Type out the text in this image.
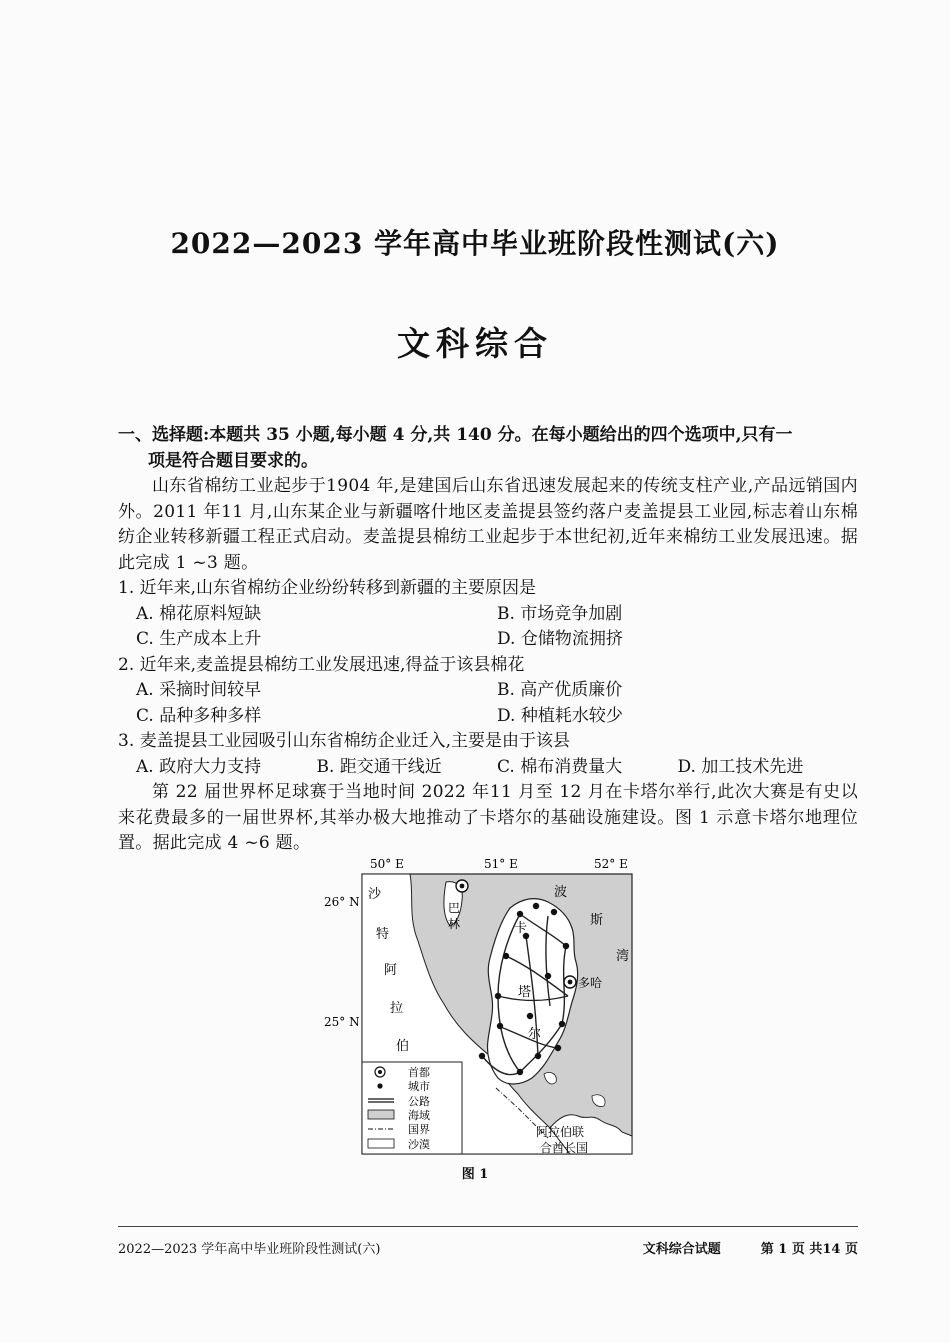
2022—2023 学年高中毕业班阶段性测试(六)
文科综合
一、选择题:本题共 35 小题,每小题 4 分,共 140 分。在每小题给出的四个选项中,只有一
项是符合题目要求的。
山东省棉纺工业起步于1904 年,是建国后山东省迅速发展起来的传统支柱产业,产品远销国内外。2011 年11 月,山东某企业与新疆喀什地区麦盖提县签约落户麦盖提县工业园,标志着山东棉纺企业转移新疆工程正式启动。麦盖提县棉纺工业起步于本世纪初,近年来棉纺工业发展迅速。据此完成 1 ~3 题。
1. 近年来,山东省棉纺企业纷纷转移到新疆的主要原因是
A. 棉花原料短缺	B. 市场竞争加剧
C. 生产成本上升	D. 仓储物流拥挤
2. 近年来,麦盖提县棉纺工业发展迅速,得益于该县棉花
A. 采摘时间较早	B. 高产优质廉价
C. 品种多种多样	D. 种植耗水较少
3. 麦盖提县工业园吸引山东省棉纺企业迁入,主要是由于该县
A. 政府大力支持	B. 距交通干线近	C. 棉布消费量大	D. 加工技术先进
第 22 届世界杯足球赛于当地时间 2022 年11 月至 12 月在卡塔尔举行,此次大赛是有史以来花费最多的一届世界杯,其举办极大地推动了卡塔尔的基础设施建设。图 1 示意卡塔尔地理位置。据此完成 4 ~6 题。
50° E	51° E	52° E
26° N
25° N
沙
特
阿
拉
伯
巴
林	卡
塔
尔
波
斯
湾
多哈
阿拉伯联
合酋长国
首都
城市
公路
海域
国界
沙漠
图 1
2022—2023 学年高中毕业班阶段性测试(六)	文科综合试题	第 1 页 共14 页
